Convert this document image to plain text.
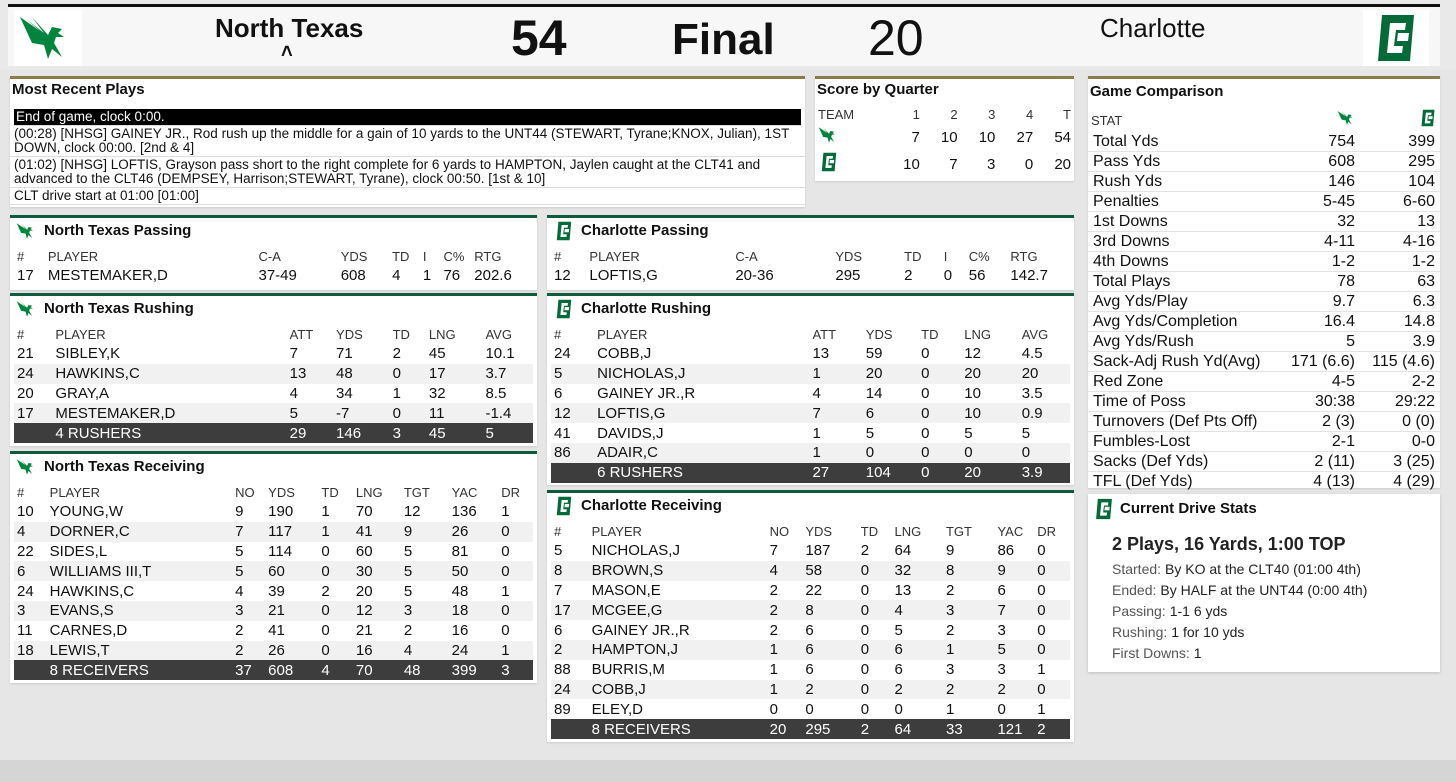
North Texas
˄	54 Final 20	Charlotte
Most Recent Plays
End of game, clock 0:00.
(00:28) [NHSG] GAINEY JR., Rod rush up the middle for a gain of 10 yards to the UNT44 (STEWART, Tyrane;KNOX, Julian), 1ST DOWN, clock 00:00. [2nd & 4]
(01:02) [NHSG] LOFTIS, Grayson pass short to the right complete for 6 yards to HAMPTON, Jaylen caught at the CLT41 and advanced to the CLT46 (DEMPSEY, Harrison;STEWART, Tyrane), clock 00:50. [1st & 10]
CLT drive start at 01:00 [01:00]
Score by Quarter
TEAM	1	2	3	4	T
	7	10	10	27	54
	10	7	3	0	20
Game Comparison
STAT		
Total Yds	754	399
Pass Yds	608	295
Rush Yds	146	104
Penalties	5-45	6-60
1st Downs	32	13
3rd Downs	4-11	4-16
4th Downs	1-2	1-2
Total Plays	78	63
Avg Yds/Play	9.7	6.3
Avg Yds/Completion	16.4	14.8
Avg Yds/Rush	5	3.9
Sack-Adj Rush Yd(Avg)	171 (6.6)	115 (4.6)
Red Zone	4-5	2-2
Time of Poss	30:38	29:22
Turnovers (Def Pts Off)	2 (3)	0 (0)
Fumbles-Lost	2-1	0-0
Sacks (Def Yds)	2 (11)	3 (25)
TFL (Def Yds)	4 (13)	4 (29)
Current Drive Stats
2 Plays, 16 Yards, 1:00 TOP
Started: By KO at the CLT40 (01:00 4th)
Ended: By HALF at the UNT44 (0:00 4th)
Passing: 1-1 6 yds
Rushing: 1 for 10 yds
First Downs: 1
North Texas Passing
#	PLAYER	C-A	YDS	TD	I	C%	RTG
17	MESTEMAKER,D	37-49	608	4	1	76	202.6
Charlotte Passing
#	PLAYER	C-A	YDS	TD	I	C%	RTG
12	LOFTIS,G	20-36	295	2	0	56	142.7
North Texas Rushing
#	PLAYER	ATT	YDS	TD	LNG	AVG
21	SIBLEY,K	7	71	2	45	10.1
24	HAWKINS,C	13	48	0	17	3.7
20	GRAY,A	4	34	1	32	8.5
17	MESTEMAKER,D	5	-7	0	11	-1.4
	4 RUSHERS	29	146	3	45	5
Charlotte Rushing
#	PLAYER	ATT	YDS	TD	LNG	AVG
24	COBB,J	13	59	0	12	4.5
5	NICHOLAS,J	1	20	0	20	20
6	GAINEY JR.,R	4	14	0	10	3.5
12	LOFTIS,G	7	6	0	10	0.9
41	DAVIDS,J	1	5	0	5	5
86	ADAIR,C	1	0	0	0	0
	6 RUSHERS	27	104	0	20	3.9
North Texas Receiving
#	PLAYER	NO	YDS	TD	LNG	TGT	YAC	DR
10	YOUNG,W	9	190	1	70	12	136	1
4	DORNER,C	7	117	1	41	9	26	0
22	SIDES,L	5	114	0	60	5	81	0
6	WILLIAMS III,T	5	60	0	30	5	50	0
24	HAWKINS,C	4	39	2	20	5	48	1
3	EVANS,S	3	21	0	12	3	18	0
11	CARNES,D	2	41	0	21	2	16	0
18	LEWIS,T	2	26	0	16	4	24	1
	8 RECEIVERS	37	608	4	70	48	399	3
Charlotte Receiving
#	PLAYER	NO	YDS	TD	LNG	TGT	YAC	DR
5	NICHOLAS,J	7	187	2	64	9	86	0
8	BROWN,S	4	58	0	32	8	9	0
7	MASON,E	2	22	0	13	2	6	0
17	MCGEE,G	2	8	0	4	3	7	0
6	GAINEY JR.,R	2	6	0	5	2	3	0
2	HAMPTON,J	1	6	0	6	1	5	0
88	BURRIS,M	1	6	0	6	3	3	1
24	COBB,J	1	2	0	2	2	2	0
89	ELEY,D	0	0	0	0	1	0	1
	8 RECEIVERS	20	295	2	64	33	121	2
